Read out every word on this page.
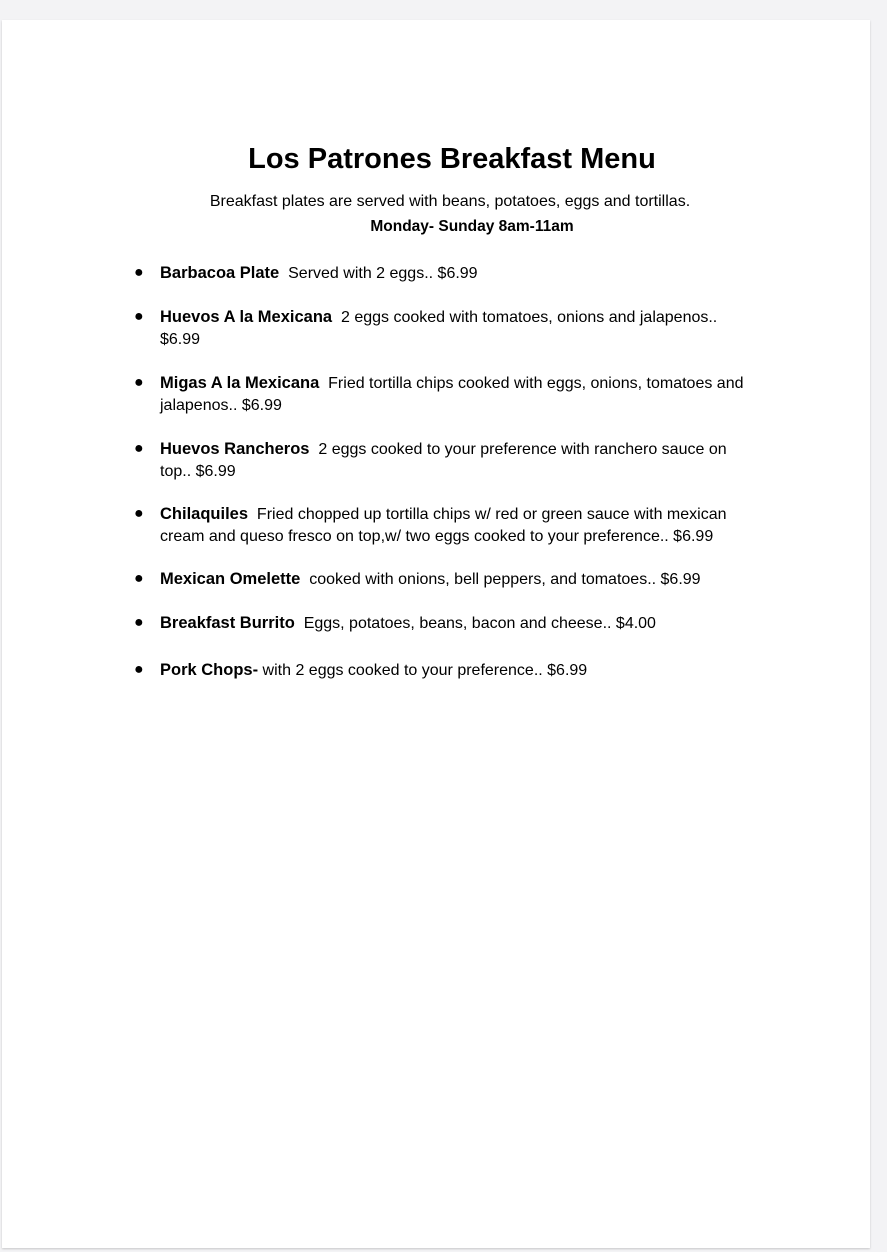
Los Patrones Breakfast Menu

Breakfast plates are served with beans, potatoes, eggs and tortillas.

Monday- Sunday 8am-11am

● Barbacoa Plate Served with 2 eggs.. $6.99
● Huevos A la Mexicana 2 eggs cooked with tomatoes, onions and jalapenos.. $6.99
● Migas A la Mexicana Fried tortilla chips cooked with eggs, onions, tomatoes and jalapenos.. $6.99
● Huevos Rancheros 2 eggs cooked to your preference with ranchero sauce on top.. $6.99
● Chilaquiles Fried chopped up tortilla chips w/ red or green sauce with mexican cream and queso fresco on top,w/ two eggs cooked to your preference.. $6.99
● Mexican Omelette cooked with onions, bell peppers, and tomatoes.. $6.99
● Breakfast Burrito Eggs, potatoes, beans, bacon and cheese.. $4.00
● Pork Chops- with 2 eggs cooked to your preference.. $6.99
